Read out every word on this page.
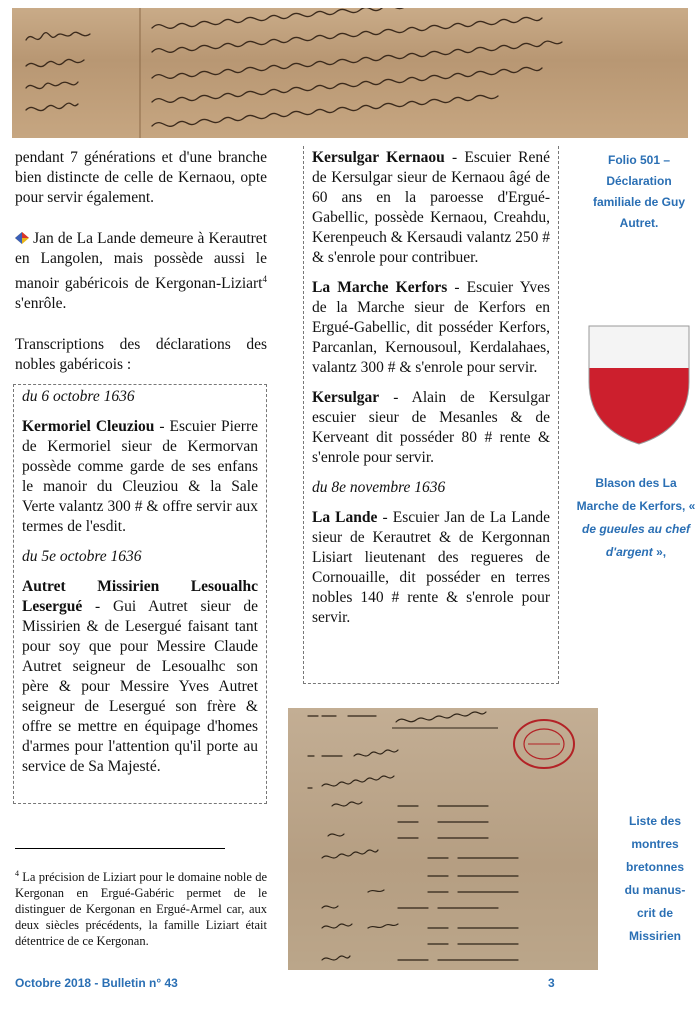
pendant 7 générations et d'une branche bien distincte de celle de Kernaou, opte pour servir également.

Jan de La Lande demeure à Kerautret en Langolen, mais possède aussi le manoir gabéricois de Kergonan-Liziart$^4$ s'enrôle.

Transcriptions des déclarations des nobles gabéricois :

du 6 octobre 1636

Kermoriel Cleuziou - Escuier Pierre de Kermoriel sieur de Kermorvan possède comme garde de ses enfans le manoir du Cleuziou & la Sale Verte valantz 300 # & offre servir aux termes de l'esdit.

du 5e octobre 1636

Autret Missirien Lesoualhc Lesergué - Gui Autret sieur de Missirien & de Lesergué faisant tant pour soy que pour Messire Claude Autret seigneur de Lesoualhc son père & pour Messire Yves Autret seigneur de Lesergué son frère & offre se mettre en équipage d'homes d'armes pour l'attention qu'il porte au service de Sa Majesté.

Kersulgar Kernaou - Escuier René de Kersulgar sieur de Kernaou âgé de 60 ans en la paroesse d'Ergué-Gabellic, possède Kernaou, Creahdu, Kerenpeuch & Kersaudi valantz 250 # & s'enrole pour contribuer.

La Marche Kerfors - Escuier Yves de la Marche sieur de Kerfors en Ergué-Gabellic, dit posséder Kerfors, Parcanlan, Kernousoul, Kerdalahaes, valantz 300 # & s'enrole pour servir.

Kersulgar - Alain de Kersulgar escuier sieur de Mesanles & de Kerveant dit posséder 80 # rente & s'enrole pour servir.

du 8e novembre 1636

La Lande - Escuier Jan de La Lande sieur de Kerautret & de Kergonnan Lisiart lieutenant des regueres de Cornouaille, dit posséder en terres nobles 140 # rente & s'enrole pour servir.

Folio 501 – Déclaration familiale de Guy Autret.
Blason des La Marche de Kerfors, « de gueules au chef d'argent »,
Liste des montres bretonnes du manus-crit de Missirien
$^4$ La précision de Liziart pour le domaine noble de Kergonan en Ergué-Gabéric permet de le distinguer de Kergonan en Ergué-Armel car, aux deux siècles précédents, la famille Liziart était détentrice de ce Kergonan.
Octobre 2018 - Bulletin n° 43	3
